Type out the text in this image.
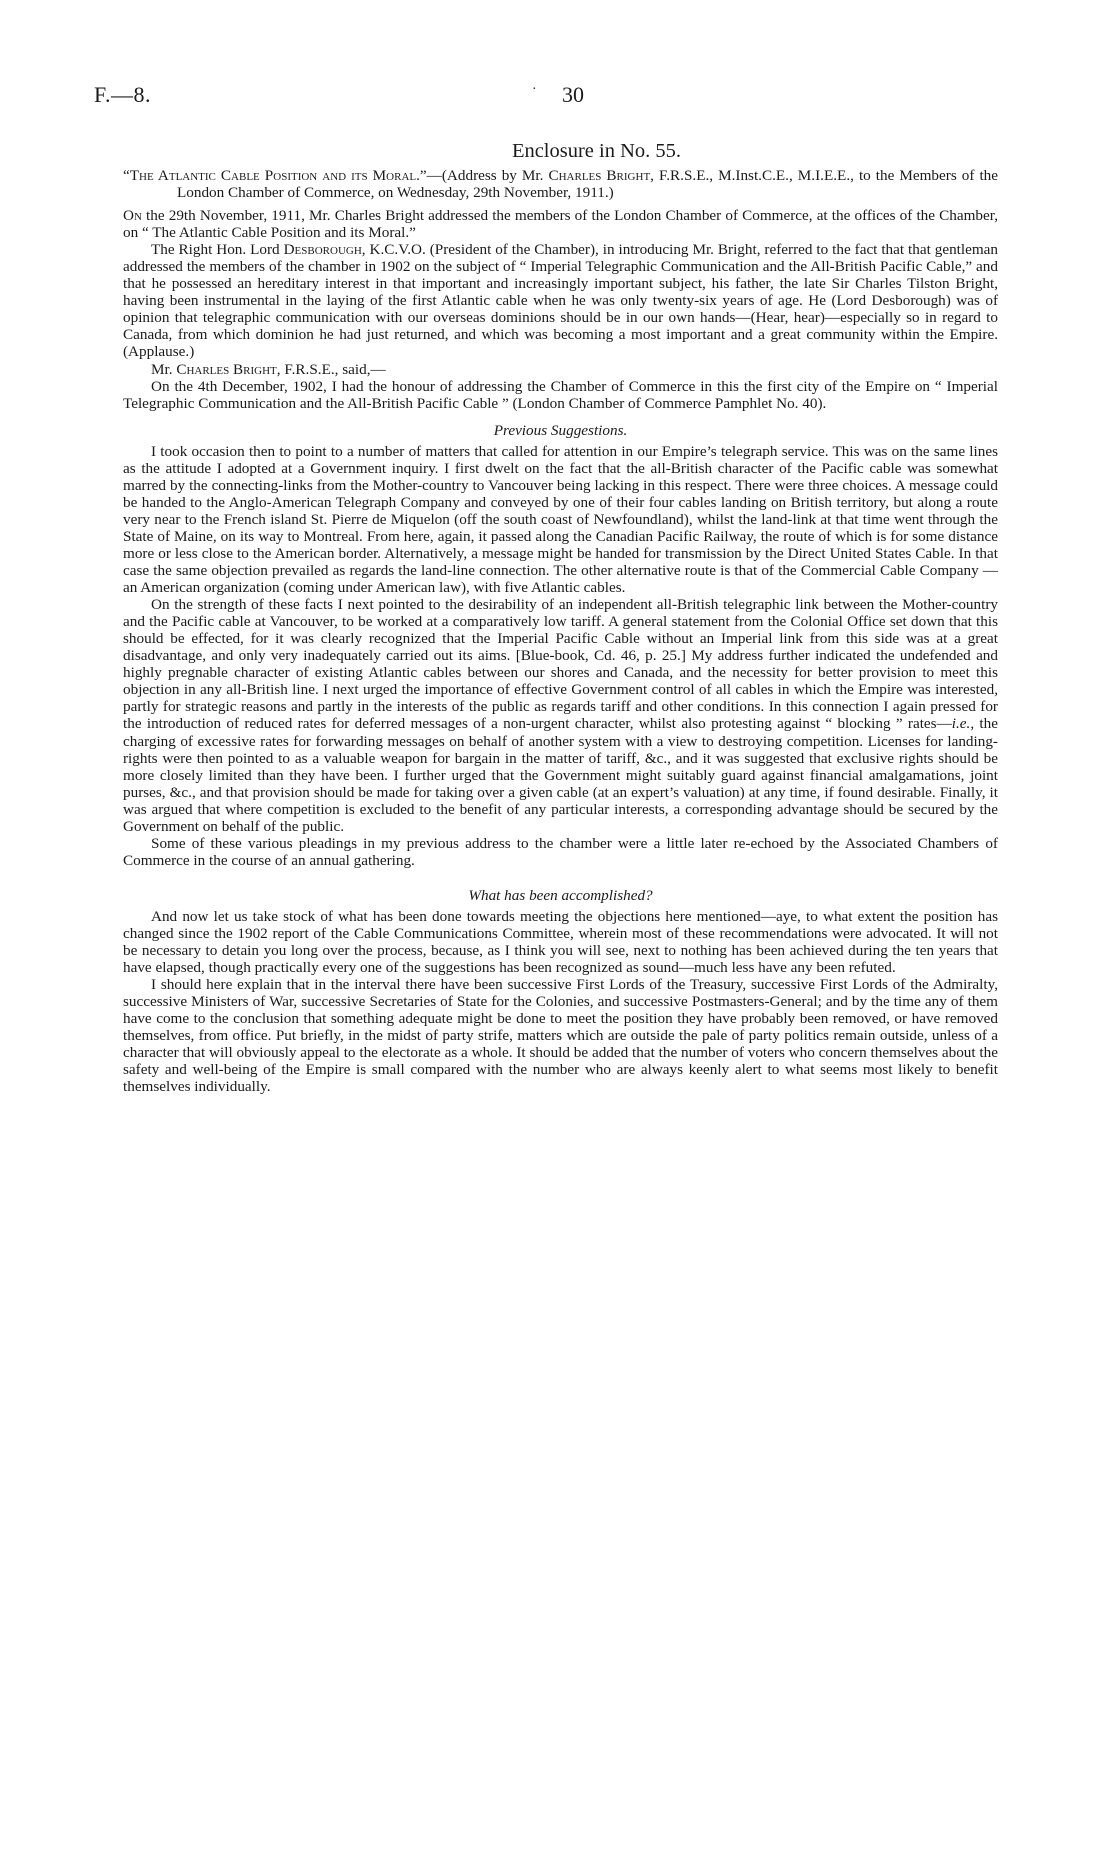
F.—8.	· 30
Enclosure in No. 55.

“The Atlantic Cable Position and its Moral.”—(Address by Mr. Charles Bright, F.R.S.E., M.Inst.C.E., M.I.E.E., to the Members of the London Chamber of Commerce, on Wednesday, 29th November, 1911.)

On the 29th November, 1911, Mr. Charles Bright addressed the members of the London Chamber of Commerce, at the offices of the Chamber, on “ The Atlantic Cable Position and its Moral.”

The Right Hon. Lord Desborough, K.C.V.O. (President of the Chamber), in introducing Mr. Bright, referred to the fact that that gentleman addressed the members of the chamber in 1902 on the subject of “ Imperial Telegraphic Communication and the All-British Pacific Cable,” and that he possessed an hereditary interest in that important and increasingly important subject, his father, the late Sir Charles Tilston Bright, having been instrumental in the laying of the first Atlantic cable when he was only twenty-six years of age. He (Lord Desborough) was of opinion that telegraphic communication with our overseas dominions should be in our own hands—(Hear, hear)—especially so in regard to Canada, from which dominion he had just returned, and which was becoming a most important and a great community within the Empire. (Applause.)

Mr. Charles Bright, F.R.S.E., said,—

On the 4th December, 1902, I had the honour of addressing the Chamber of Commerce in this the first city of the Empire on “ Imperial Telegraphic Communication and the All-British Pacific Cable ” (London Chamber of Commerce Pamphlet No. 40).

Previous Suggestions.

I took occasion then to point to a number of matters that called for attention in our Empire’s telegraph service. This was on the same lines as the attitude I adopted at a Government inquiry. I first dwelt on the fact that the all-British character of the Pacific cable was somewhat marred by the connecting-links from the Mother-country to Vancouver being lacking in this respect. There were three choices. A message could be handed to the Anglo-American Telegraph Company and conveyed by one of their four cables landing on British territory, but along a route very near to the French island St. Pierre de Miquelon (off the south coast of Newfoundland), whilst the land-link at that time went through the State of Maine, on its way to Montreal. From here, again, it passed along the Canadian Pacific Railway, the route of which is for some distance more or less close to the American border. Alternatively, a message might be handed for transmission by the Direct United States Cable. In that case the same objection prevailed as regards the land-line connection. The other alternative route is that of the Commercial Cable Company — an American organization (coming under American law), with five Atlantic cables.

On the strength of these facts I next pointed to the desirability of an independent all-British telegraphic link between the Mother-country and the Pacific cable at Vancouver, to be worked at a comparatively low tariff. A general statement from the Colonial Office set down that this should be effected, for it was clearly recognized that the Imperial Pacific Cable without an Imperial link from this side was at a great disadvantage, and only very inadequately carried out its aims. [Blue-book, Cd. 46, p. 25.] My address further indicated the undefended and highly pregnable character of existing Atlantic cables between our shores and Canada, and the necessity for better provision to meet this objection in any all-British line. I next urged the importance of effective Government control of all cables in which the Empire was interested, partly for strategic reasons and partly in the interests of the public as regards tariff and other conditions. In this connection I again pressed for the introduction of reduced rates for deferred messages of a non-urgent character, whilst also protesting against “ blocking ” rates—i.e., the charging of excessive rates for forwarding messages on behalf of another system with a view to destroying competition. Licenses for landing-rights were then pointed to as a valuable weapon for bargain in the matter of tariff, &c., and it was suggested that exclusive rights should be more closely limited than they have been. I further urged that the Government might suitably guard against financial amalgamations, joint purses, &c., and that provision should be made for taking over a given cable (at an expert’s valuation) at any time, if found desirable. Finally, it was argued that where competition is excluded to the benefit of any particular interests, a corresponding advantage should be secured by the Government on behalf of the public.

Some of these various pleadings in my previous address to the chamber were a little later re-echoed by the Associated Chambers of Commerce in the course of an annual gathering.

What has been accomplished?

And now let us take stock of what has been done towards meeting the objections here mentioned—aye, to what extent the position has changed since the 1902 report of the Cable Communications Committee, wherein most of these recommendations were advocated. It will not be necessary to detain you long over the process, because, as I think you will see, next to nothing has been achieved during the ten years that have elapsed, though practically every one of the suggestions has been recognized as sound—much less have any been refuted.

I should here explain that in the interval there have been successive First Lords of the Treasury, successive First Lords of the Admiralty, successive Ministers of War, successive Secretaries of State for the Colonies, and successive Postmasters-General; and by the time any of them have come to the conclusion that something adequate might be done to meet the position they have probably been removed, or have removed themselves, from office. Put briefly, in the midst of party strife, matters which are outside the pale of party politics remain outside, unless of a character that will obviously appeal to the electorate as a whole. It should be added that the number of voters who concern themselves about the safety and well-being of the Empire is small compared with the number who are always keenly alert to what seems most likely to benefit themselves individually.
